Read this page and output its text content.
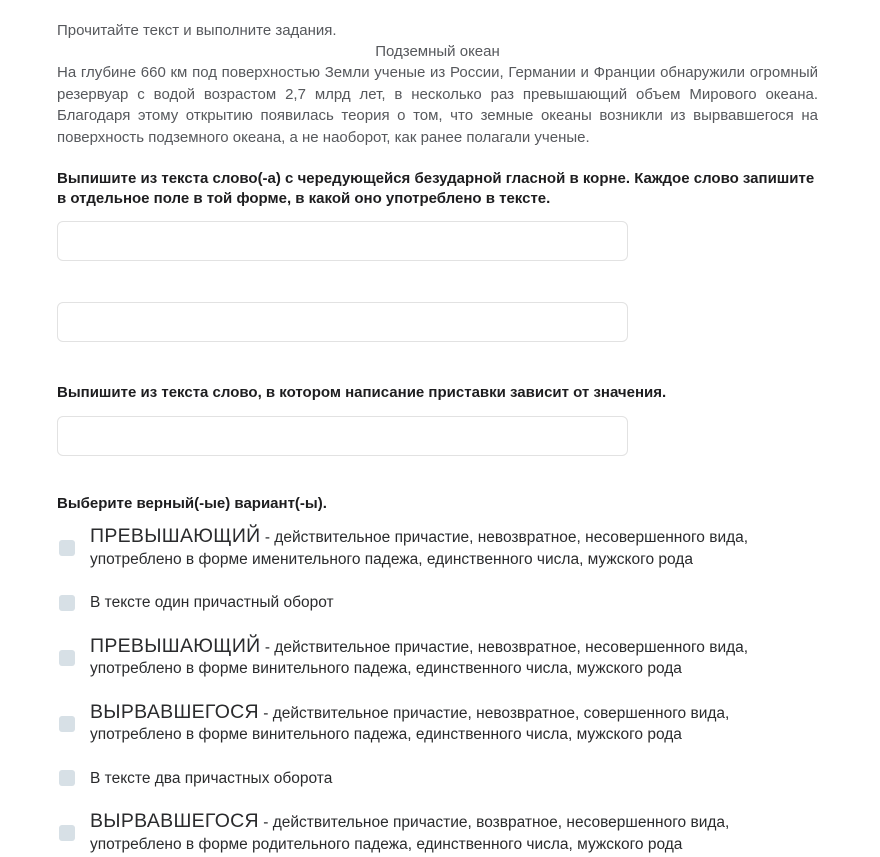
Прочитайте текст и выполните задания.
Подземный океан
На глубине 660 км под поверхностью Земли ученые из России, Германии и Франции обнаружили огромный резервуар с водой возрастом 2,7 млрд лет, в несколько раз превышающий объем Мирового океана. Благодаря этому открытию появилась теория о том, что земные океаны возникли из вырвавшегося на поверхность подземного океана, а не наоборот, как ранее полагали ученые.
Выпишите из текста слово(-а) с чередующейся безударной гласной в корне. Каждое слово запишите в отдельное поле в той форме, в какой оно употреблено в тексте.
Выпишите из текста слово, в котором написание приставки зависит от значения.
Выберите верный(-ые) вариант(-ы).
ПРЕВЫШАЮЩИЙ - действительное причастие, невозвратное, несовершенного вида, употреблено в форме именительного падежа, единственного числа, мужского рода
В тексте один причастный оборот
ПРЕВЫШАЮЩИЙ - действительное причастие, невозвратное, несовершенного вида, употреблено в форме винительного падежа, единственного числа, мужского рода
ВЫРВАВШЕГОСЯ - действительное причастие, невозвратное, совершенного вида, употреблено в форме винительного падежа, единственного числа, мужского рода
В тексте два причастных оборота
ВЫРВАВШЕГОСЯ - действительное причастие, возвратное, несовершенного вида, употреблено в форме родительного падежа, единственного числа, мужского рода
